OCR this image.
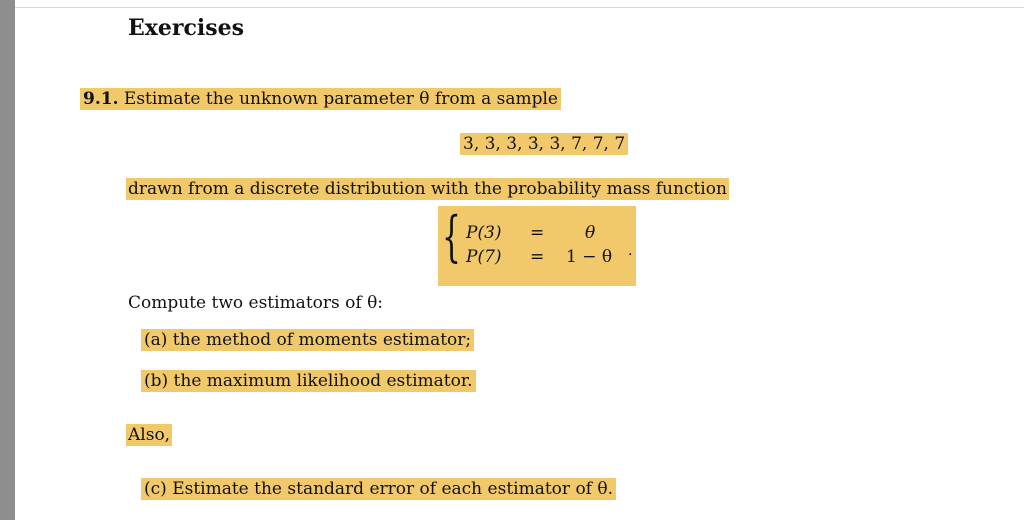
Exercises
9.1. Estimate the unknown parameter θ from a sample
3, 3, 3, 3, 3, 7, 7, 7
drawn from a discrete distribution with the probability mass function
{ P(3) = θ
P(7) = 1 − θ .
Compute two estimators of θ:
(a) the method of moments estimator;
(b) the maximum likelihood estimator.
Also,
(c) Estimate the standard error of each estimator of θ.
